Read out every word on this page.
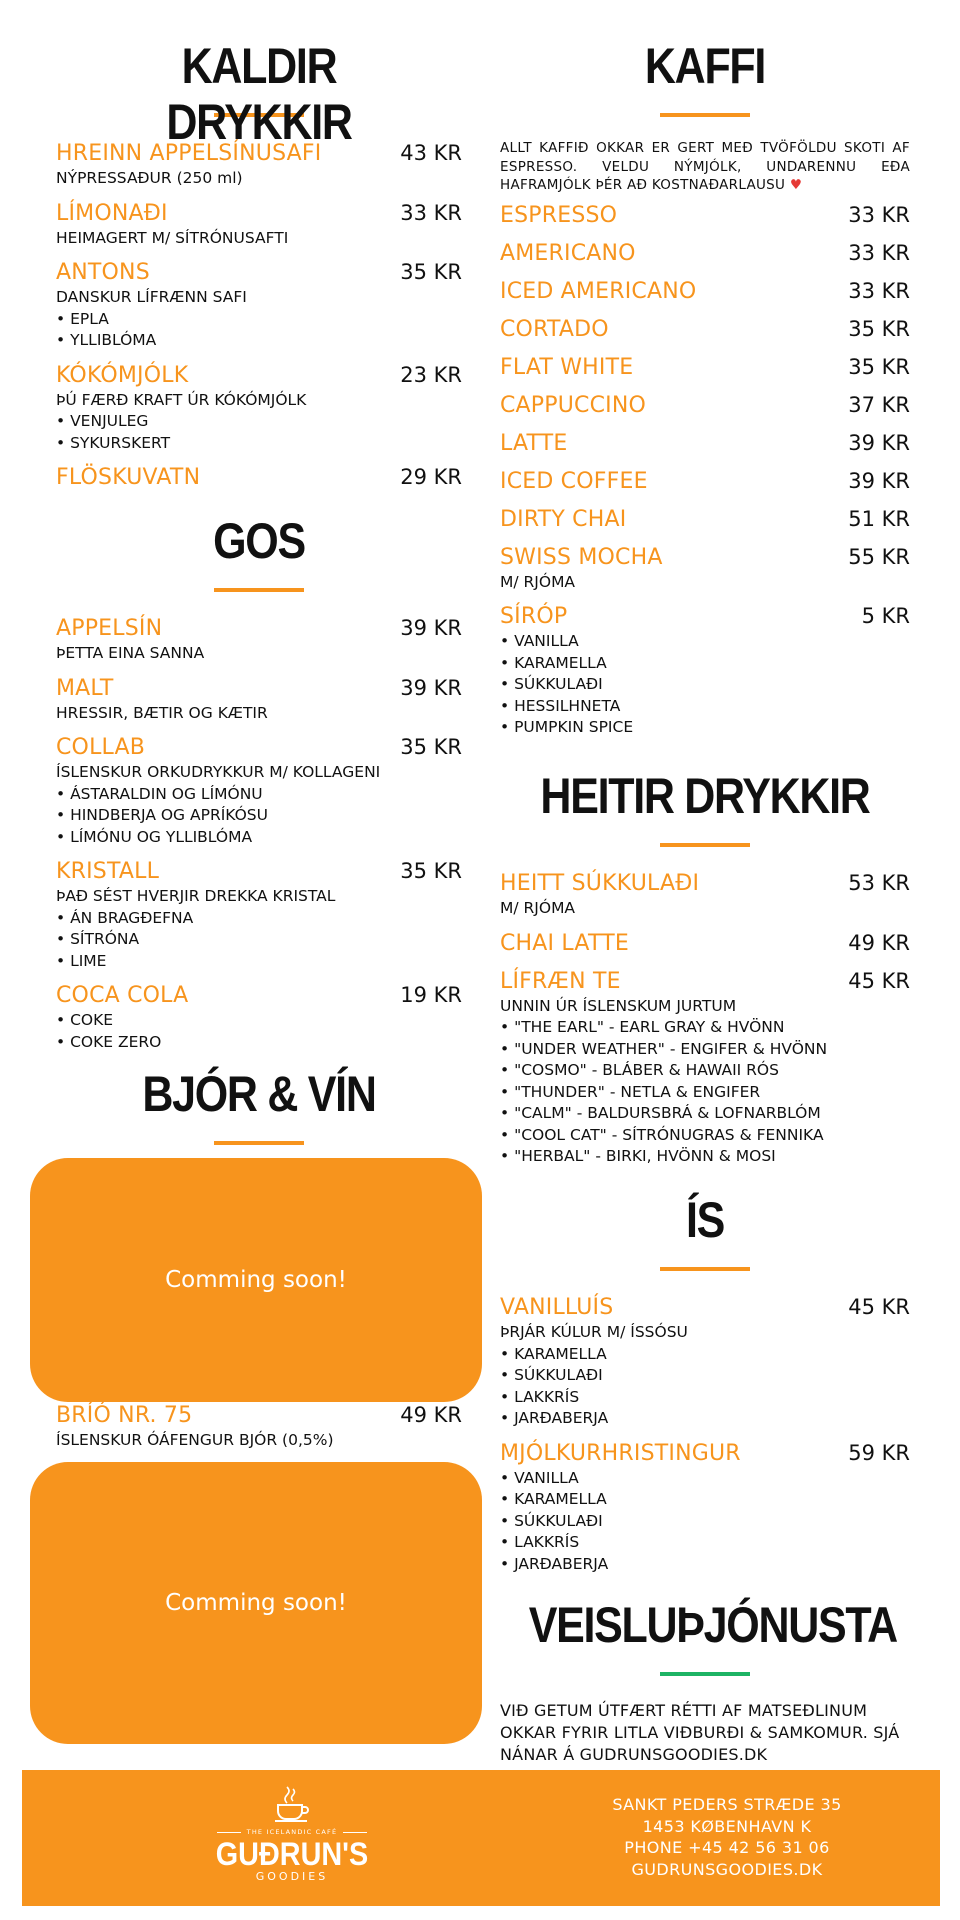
KALDIR DRYKKIR
HREINN APPELSÍNUSAFI	43 KR
NÝPRESSAÐUR (250 ml)
LÍMONAÐI	33 KR
HEIMAGERT M/ SÍTRÓNUSAFTI
ANTONS	35 KR
DANSKUR LÍFRÆNN SAFI
• EPLA
• YLLIBLÓMA
KÓKÓMJÓLK	23 KR
ÞÚ FÆRÐ KRAFT ÚR KÓKÓMJÓLK
• VENJULEG
• SYKURSKERT
FLÖSKUVATN	29 KR
GOS
APPELSÍN	39 KR
ÞETTA EINA SANNA
MALT	39 KR
HRESSIR, BÆTIR OG KÆTIR
COLLAB	35 KR
ÍSLENSKUR ORKUDRYKKUR M/ KOLLAGENI
• ÁSTARALDIN OG LÍMÓNU
• HINDBERJA OG APRÍKÓSU
• LÍMÓNU OG YLLIBLÓMA
KRISTALL	35 KR
ÞAÐ SÉST HVERJIR DREKKA KRISTAL
• ÁN BRAGÐEFNA
• SÍTRÓNA
• LIME
COCA COLA	19 KR
• COKE
• COKE ZERO
BJÓR & VÍN
BRÍÓ NR. 75	49 KR
ÍSLENSKUR ÓÁFENGUR BJÓR (0,5%)
Comming soon!
Comming soon!
KAFFI

ALLT KAFFIÐ OKKAR ER GERT MEÐ TVÖFÖLDU SKOTI AF ESPRESSO. VELDU NÝMJÓLK, UNDARENNU EÐA HAFRAMJÓLK ÞÉR AÐ KOSTNAÐARLAUSU ♥

ESPRESSO	33 KR
AMERICANO	33 KR
ICED AMERICANO	33 KR
CORTADO	35 KR
FLAT WHITE	35 KR
CAPPUCCINO	37 KR
LATTE	39 KR
ICED COFFEE	39 KR
DIRTY CHAI	51 KR
SWISS MOCHA	55 KR
M/ RJÓMA
SÍRÓP	5 KR
• VANILLA
• KARAMELLA
• SÚKKULAÐI
• HESSILHNETA
• PUMPKIN SPICE
HEITIR DRYKKIR
HEITT SÚKKULAÐI	53 KR
M/ RJÓMA
CHAI LATTE	49 KR
LÍFRÆN TE	45 KR
UNNIN ÚR ÍSLENSKUM JURTUM
• "THE EARL" - EARL GRAY & HVÖNN
• "UNDER WEATHER" - ENGIFER & HVÖNN
• "COSMO" - BLÁBER & HAWAII RÓS
• "THUNDER" - NETLA & ENGIFER
• "CALM" - BALDURSBRÁ & LOFNARBLÓM
• "COOL CAT" - SÍTRÓNUGRAS & FENNIKA
• "HERBAL" - BIRKI, HVÖNN & MOSI
ÍS
VANILLUÍS	45 KR
ÞRJÁR KÚLUR M/ ÍSSÓSU
• KARAMELLA
• SÚKKULAÐI
• LAKKRÍS
• JARÐABERJA
MJÓLKURHRISTINGUR	59 KR
• VANILLA
• KARAMELLA
• SÚKKULAÐI
• LAKKRÍS
• JARÐABERJA
VEISLUÞJÓNUSTA

VIÐ GETUM ÚTFÆRT RÉTTI AF MATSEÐLINUM OKKAR FYRIR LITLA VIÐBURÐI & SAMKOMUR. SJÁ NÁNAR Á GUDRUNSGOODIES.DK

THE ICELANDIC CAFÉ
GUÐRUN'S
GOODIES
SANKT PEDERS STRÆDE 35
1453 KØBENHAVN K
PHONE +45 42 56 31 06
GUDRUNSGOODIES.DK
